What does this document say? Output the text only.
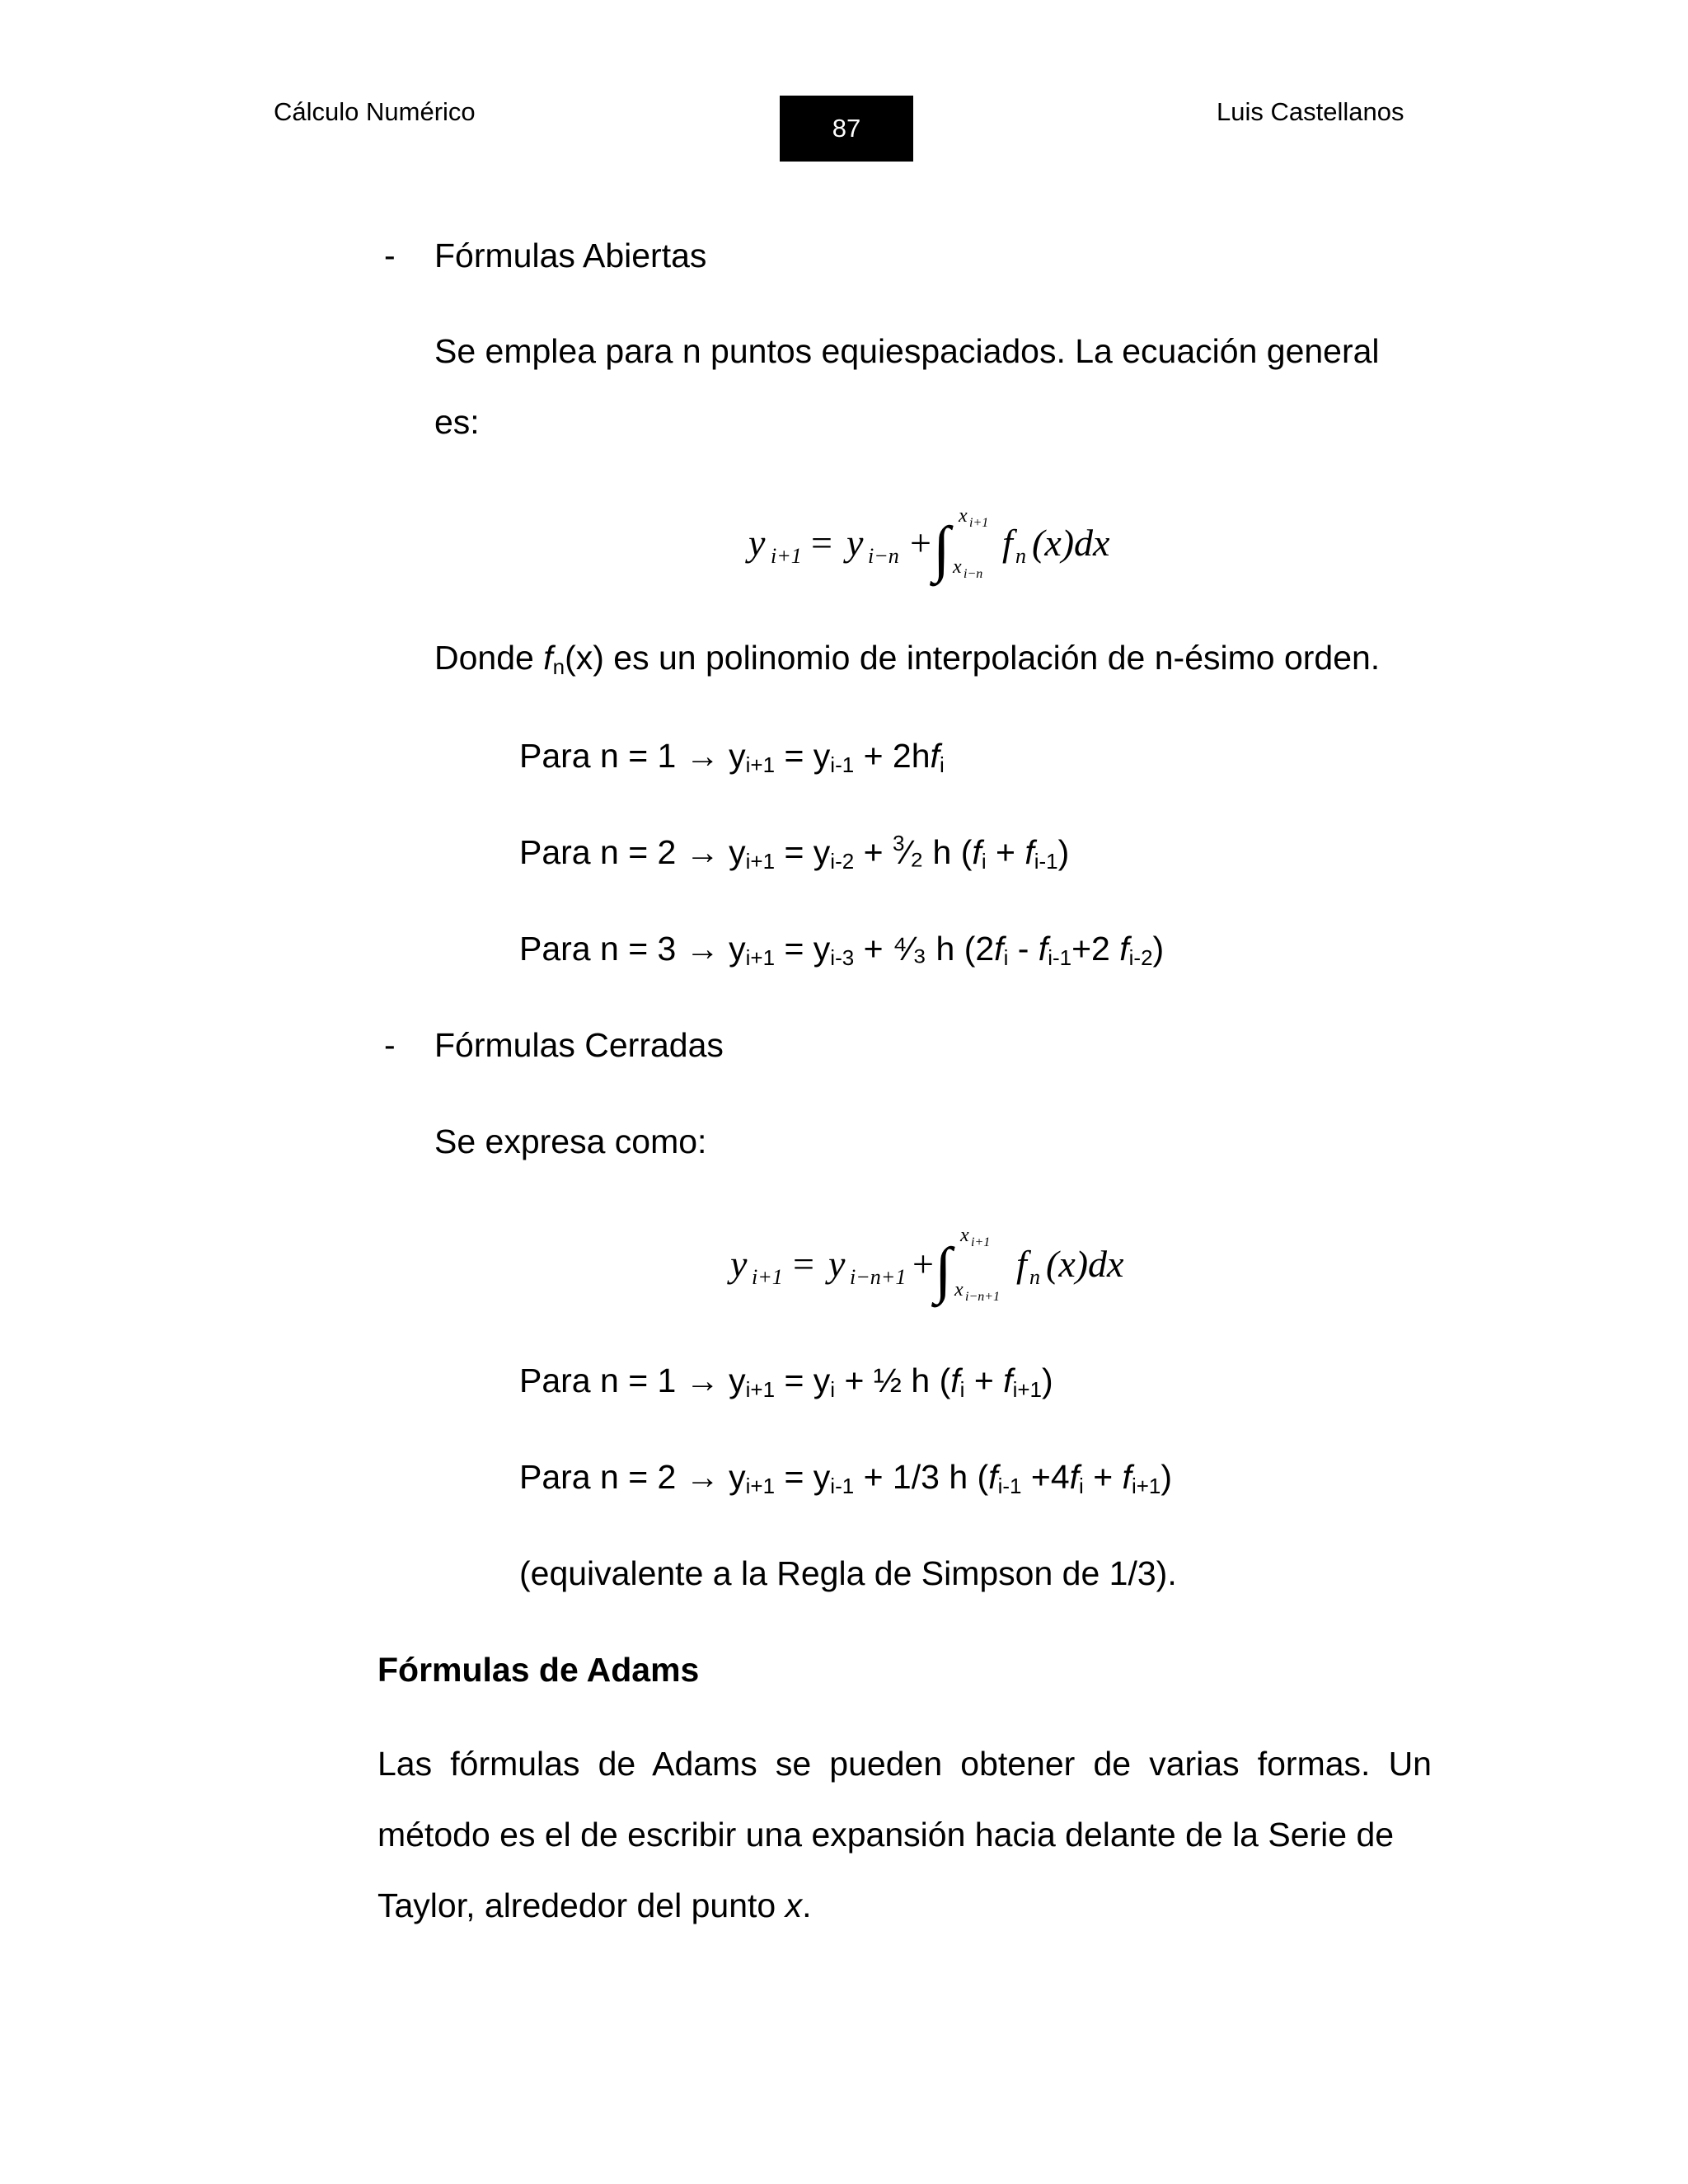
Cálculo Numérico
87
Luis Castellanos
- Fórmulas Abiertas
Se emplea para n puntos equiespaciados. La ecuación general
es:
y i+1 = y i−n + ∫ x i+1
x i−n
f n (x)dx
Donde $f_n(x)$ es un polinomio de interpolación de n-ésimo orden.
Para $n = 1 \to y_{i+1} = y_{i-1} + 2hf_i$
Para $n = 2 \to y_{i+1} = y_{i-2}$ + $^3$⁄₂ h $(f_i + f_{i-1})$
Para $n = 3 \to y_{i+1} = y_{i-3}$ + ⁴⁄₃ h ($2f_i - f_{i-1}+2$ $f_{i-2}$)
- Fórmulas Cerradas
Se expresa como:
y i+1 = y i−n+1 + ∫ x i+1
x i−n+1
f n (x)dx
Para $n = 1 \to y_{i+1} = y_i$ + ½ h $(f_i + f_{i+1})$
Para $n = 2 \to y_{i+1} = y_{i-1} + 1/3$ h $(f_{i-1} +4f_i + f_{i+1})$
(equivalente a la Regla de Simpson de 1/3).
Fórmulas de Adams
Las fórmulas de Adams se pueden obtener de varias formas. Un método es el de escribir una expansión hacia delante de la Serie de
Taylor, alrededor del punto x.
